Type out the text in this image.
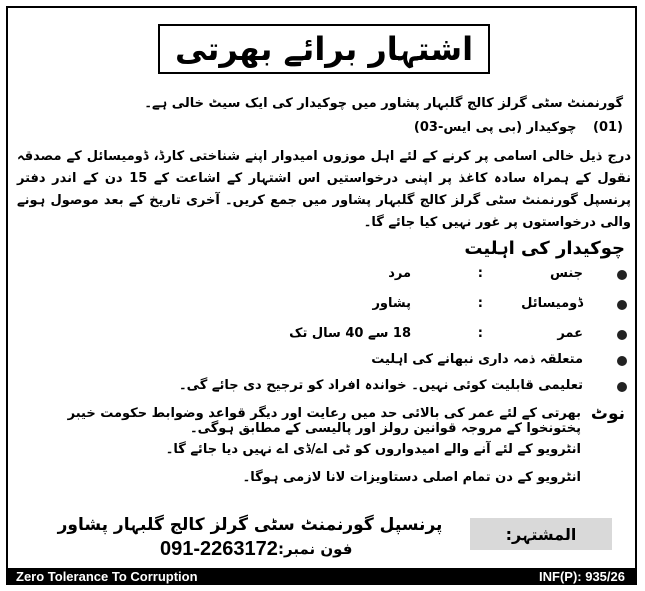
اشتہار برائے بھرتی
گورنمنٹ سٹی گرلز کالج گلبہار پشاور میں چوکیدار کی ایک سیٹ خالی ہے۔
(01) چوکیدار (بی پی ایس-03)
درج ذیل خالی اسامی پر کرنے کے لئے اہل موزوں امیدوار اپنے شناختی کارڈ، ڈومیسائل کے مصدقہ نقول کے ہمراہ سادہ کاغذ پر اپنی درخواستیں اس اشتہار کے اشاعت کے 15 دن کے اندر دفتر پرنسپل گورنمنٹ سٹی گرلز کالج گلبہار پشاور میں جمع کریں۔ آخری تاریخ کے بعد موصول ہونے والی درخواستوں پر غور نہیں کیا جائے گا۔
چوکیدار کی اہلیت
جنس
:
مرد
ڈومیسائل
:
پشاور
عمر
:
18 سے 40 سال تک
متعلقہ ذمہ داری نبھانے کی اہلیت
تعلیمی قابلیت کوئی نہیں۔ خواندہ افراد کو ترجیح دی جائے گی۔
نوٹ
بھرتی کے لئے عمر کی بالائی حد میں رعایت اور دیگر قواعد وضوابط حکومت خیبر پختونخوا کے مروجہ قوانین رولز اور پالیسی کے مطابق ہوگی۔
انٹرویو کے لئے آنے والے امیدواروں کو ٹی اے/ڈی اے نہیں دیا جائے گا۔
انٹرویو کے دن تمام اصلی دستاویزات لانا لازمی ہوگا۔
المشتہر:
پرنسپل گورنمنٹ سٹی گرلز کالج گلبہار پشاور
فون نمبر:
091-2263172
Zero Tolerance To Corruption	INF(P): 935/26
